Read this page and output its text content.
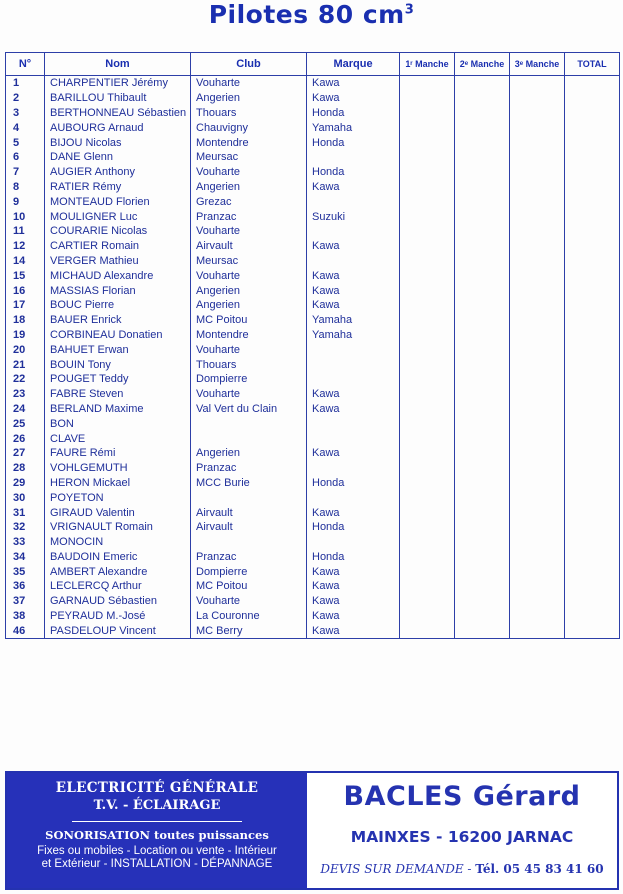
Pilotes 80 $cm^3$
N°	Nom	Club	Marque	1ʳ Manche	2ᵉ Manche	3ᵉ Manche	TOTAL
1	CHARPENTIER Jérémy	Vouharte	Kawa				
2	BARILLOU Thibault	Angerien	Kawa				
3	BERTHONNEAU Sébastien	Thouars	Honda				
4	AUBOURG Arnaud	Chauvigny	Yamaha				
5	BIJOU Nicolas	Montendre	Honda				
6	DANE Glenn	Meursac					
7	AUGIER Anthony	Vouharte	Honda				
8	RATIER Rémy	Angerien	Kawa				
9	MONTEAUD Florien	Grezac					
10	MOULIGNER Luc	Pranzac	Suzuki				
11	COURARIE Nicolas	Vouharte					
12	CARTIER Romain	Airvault	Kawa				
14	VERGER Mathieu	Meursac					
15	MICHAUD Alexandre	Vouharte	Kawa				
16	MASSIAS Florian	Angerien	Kawa				
17	BOUC Pierre	Angerien	Kawa				
18	BAUER Enrick	MC Poitou	Yamaha				
19	CORBINEAU Donatien	Montendre	Yamaha				
20	BAHUET Erwan	Vouharte					
21	BOUIN Tony	Thouars					
22	POUGET Teddy	Dompierre					
23	FABRE Steven	Vouharte	Kawa				
24	BERLAND Maxime	Val Vert du Clain	Kawa				
25	BON						
26	CLAVE						
27	FAURE Rémi	Angerien	Kawa				
28	VOHLGEMUTH	Pranzac					
29	HERON Mickael	MCC Burie	Honda				
30	POYETON						
31	GIRAUD Valentin	Airvault	Kawa				
32	VRIGNAULT Romain	Airvault	Honda				
33	MONOCIN						
34	BAUDOIN Emeric	Pranzac	Honda				
35	AMBERT Alexandre	Dompierre	Kawa				
36	LECLERCQ Arthur	MC Poitou	Kawa				
37	GARNAUD Sébastien	Vouharte	Kawa				
38	PEYRAUD M.-José	La Couronne	Kawa				
46	PASDELOUP Vincent	MC Berry	Kawa				
ELECTRICITÉ GÉNÉRALE
T.V. - ÉCLAIRAGE
SONORISATION toutes puissances
Fixes ou mobiles - Location ou vente - Intérieur
et Extérieur - INSTALLATION - DÉPANNAGE
BACLES Gérard
MAINXES - 16200 JARNAC
DEVIS SUR DEMANDE - Tél. 05 45 83 41 60
